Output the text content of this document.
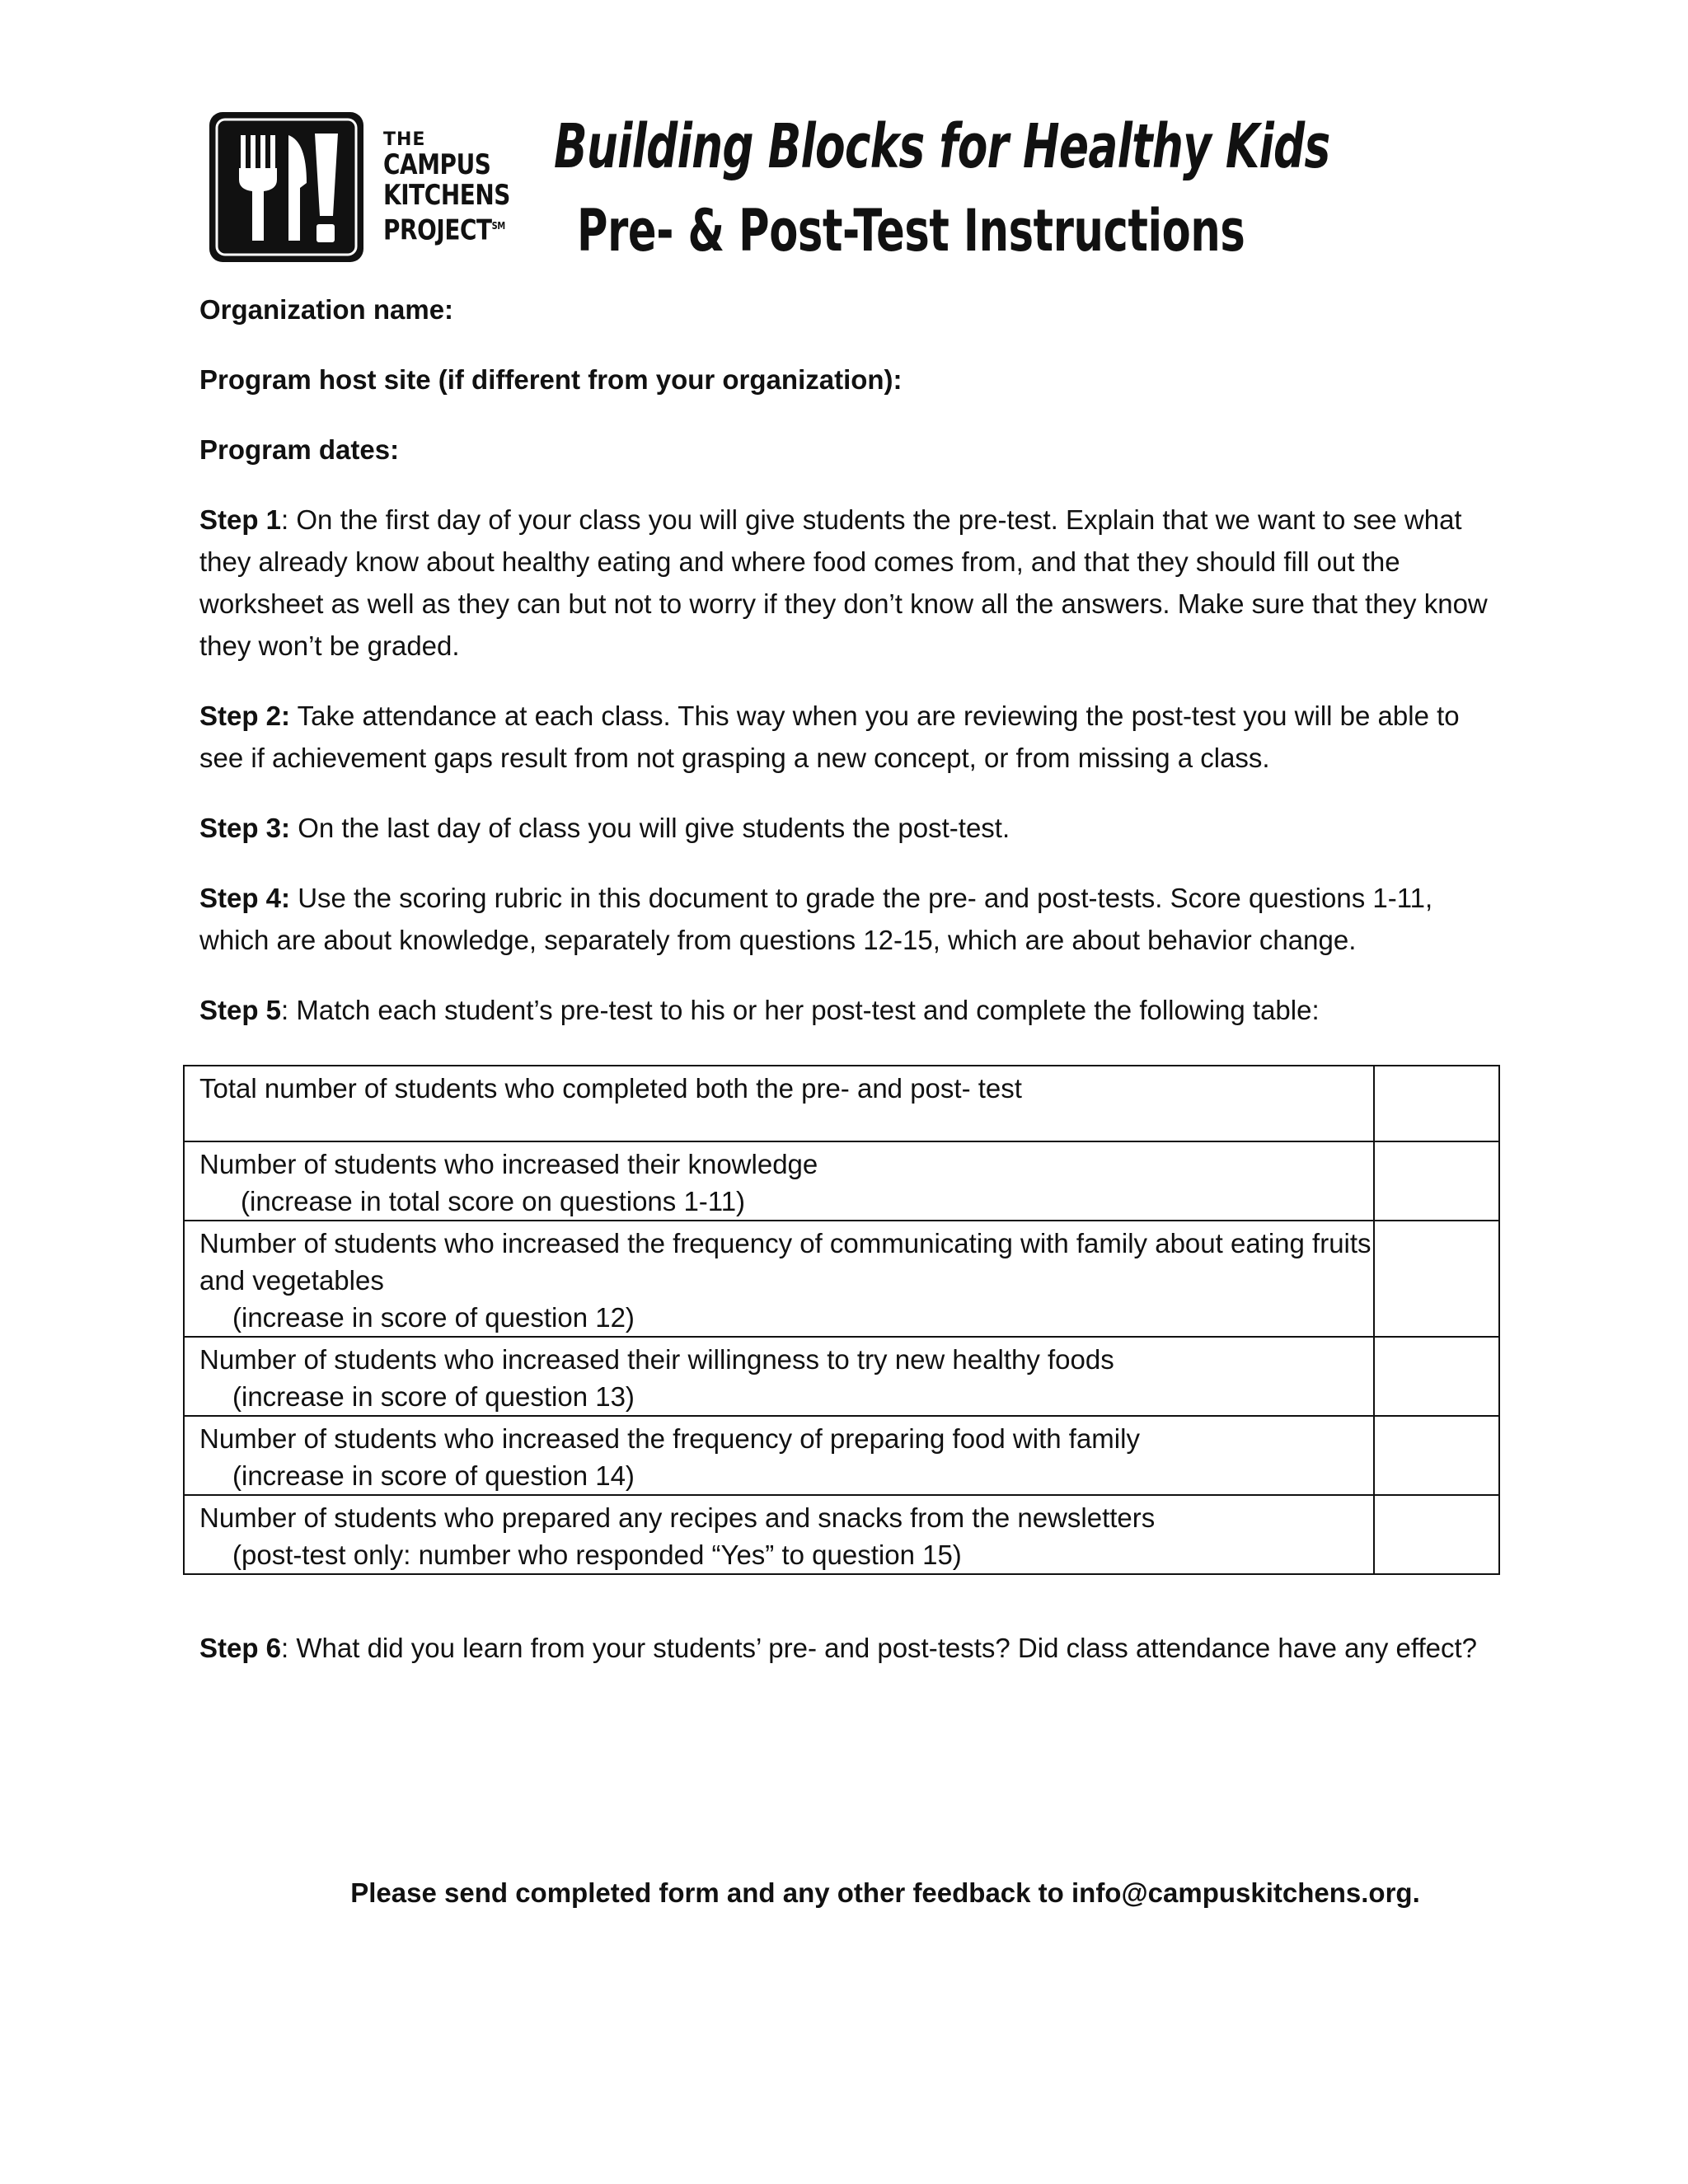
THE
CAMPUS
KITCHENS
PROJECT℠
Building Blocks for Healthy Kids
Pre- & Post-Test Instructions

Organization name:

Program host site (if different from your organization):

Program dates:

Step 1: On the first day of your class you will give students the pre-test. Explain that we want to see what they already know about healthy eating and where food comes from, and that they should fill out the worksheet as well as they can but not to worry if they don’t know all the answers. Make sure that they know they won’t be graded.

Step 2: Take attendance at each class. This way when you are reviewing the post-test you will be able to see if achievement gaps result from not grasping a new concept, or from missing a class.

Step 3: On the last day of class you will give students the post-test.

Step 4: Use the scoring rubric in this document to grade the pre- and post-tests. Score questions 1-11, which are about knowledge, separately from questions 12-15, which are about behavior change.

Step 5: Match each student’s pre-test to his or her post-test and complete the following table:

Total number of students who completed both the pre- and post- test	
Number of students who increased their knowledge
(increase in total score on questions 1-11)	

Number of students who increased the frequency of communicating with family about eating fruits and vegetables
(increase in score of question 12)	

Number of students who increased their willingness to try new healthy foods
(increase in score of question 13)	

Number of students who increased the frequency of preparing food with family
(increase in score of question 14)	

Number of students who prepared any recipes and snacks from the newsletters
(post-test only: number who responded “Yes” to question 15)	

Step 6: What did you learn from your students’ pre- and post-tests? Did class attendance have any effect?

Please send completed form and any other feedback to info@campuskitchens.org.
